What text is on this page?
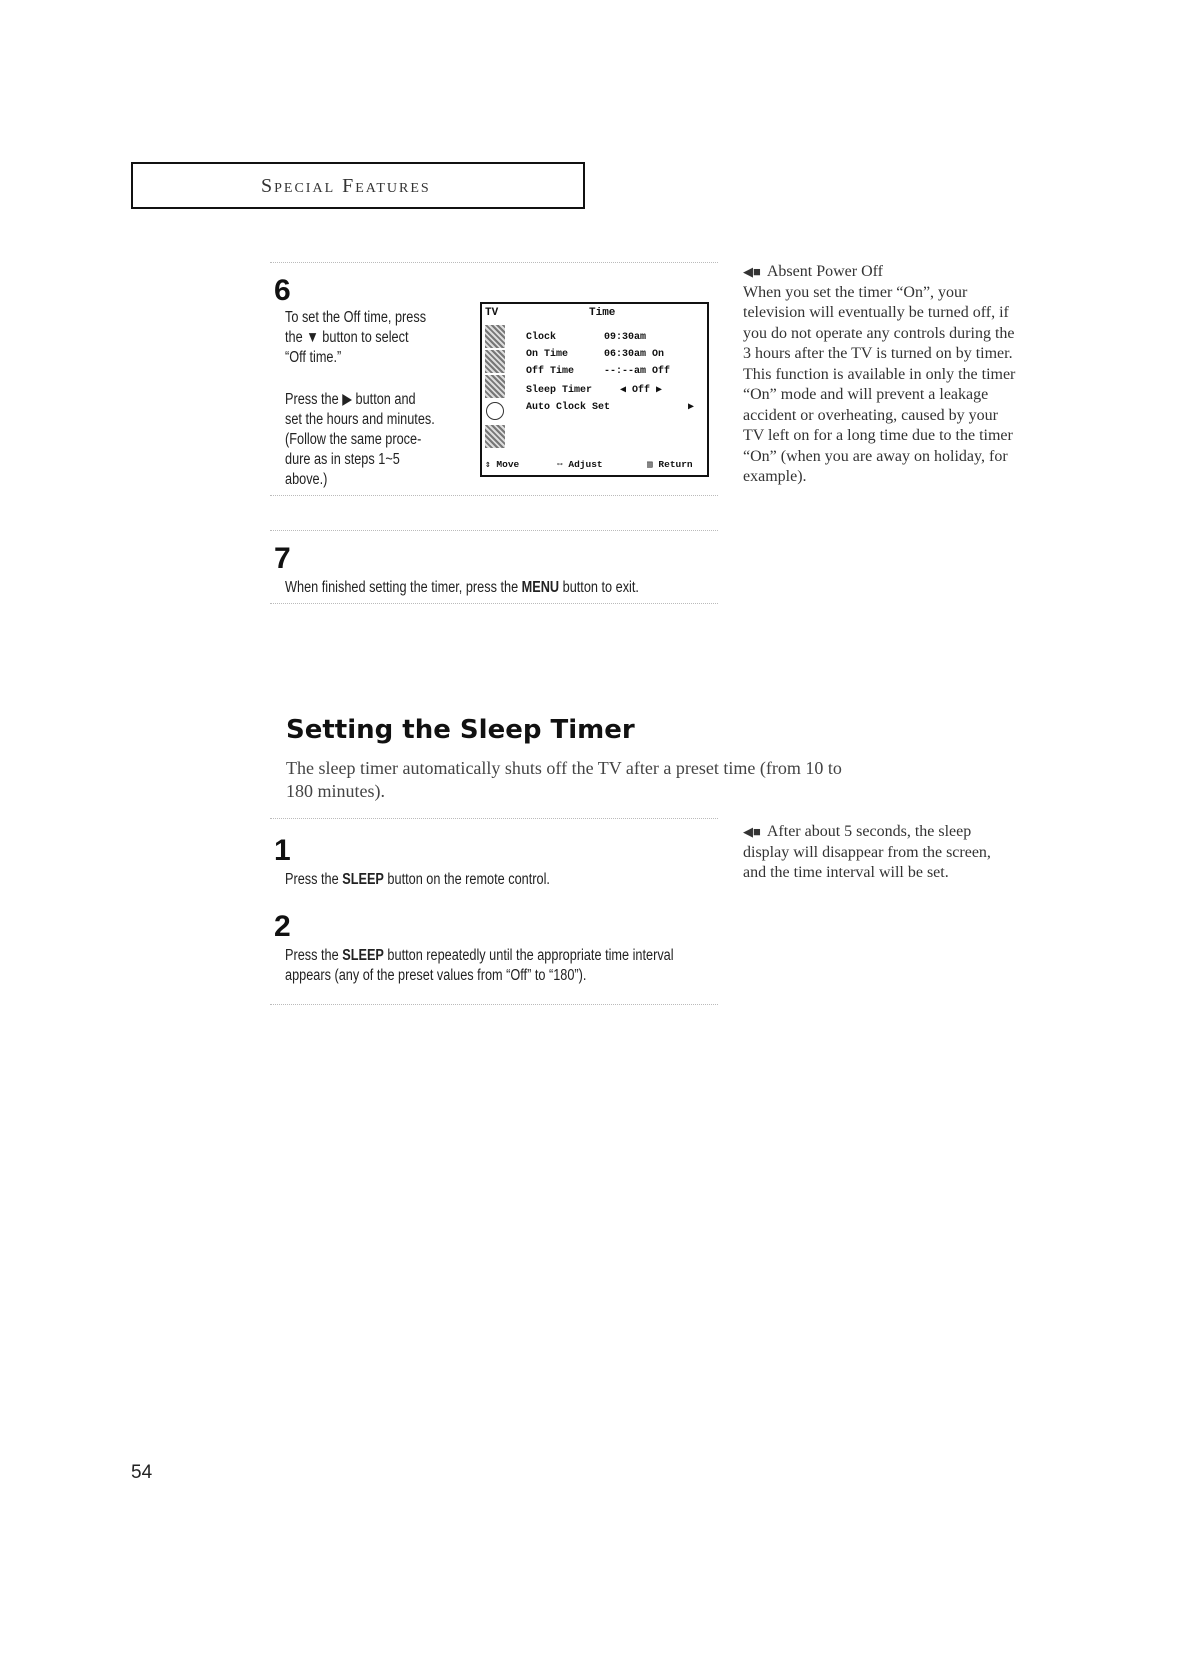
Special Features
6
To set the Off time, press
the ▼ button to select
“Off time.”
Press the ▶ button and
set the hours and minutes.
(Follow the same proce-
dure as in steps 1~5
above.)
TV	Time
Clock	09:30am
On Time	06:30am On
Off Time	--:--am Off
Sleep Timer	◀ Off ▶
Auto Clock Set	▶
⇕ Move	⇔ Adjust	▥ Return
◀■ Absent Power Off
When you set the timer “On”, your television will eventually be turned off, if you do not operate any controls during the 3 hours after the TV is turned on by timer. This function is available in only the timer “On” mode and will prevent a leakage accident or overheating, caused by your TV left on for a long time due to the timer “On” (when you are away on holiday, for example).
7
When finished setting the timer, press the MENU button to exit.
Setting the Sleep Timer
The sleep timer automatically shuts off the TV after a preset time (from 10 to 180 minutes).
1
Press the SLEEP button on the remote control.
2
Press the SLEEP button repeatedly until the appropriate time interval appears (any of the preset values from “Off” to “180”).
◀■ After about 5 seconds, the sleep display will disappear from the screen, and the time interval will be set.
54
